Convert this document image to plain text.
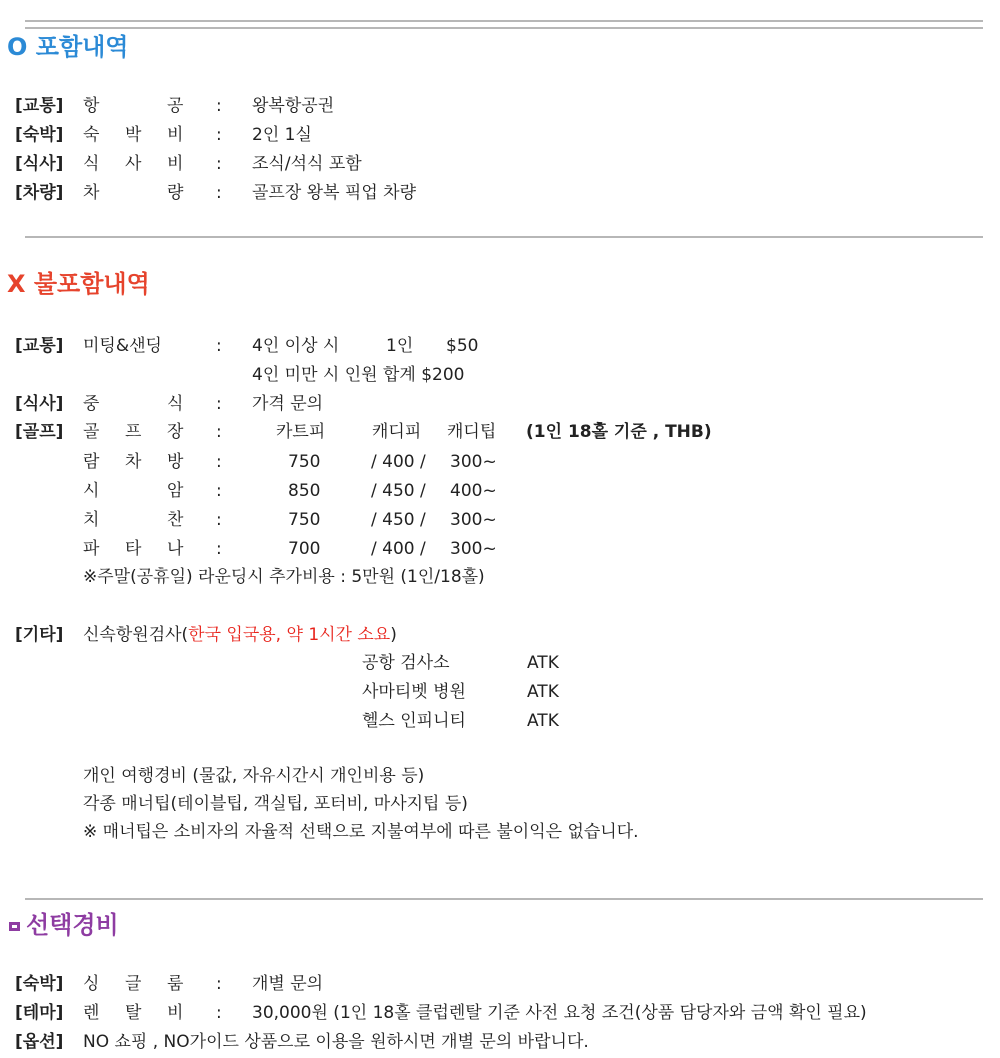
O 포함내역
[교통] 항	공 : 왕복항공권
[숙박] 숙 박 비 : 2인 1실
[식사] 식 사 비 : 조식/석식 포함
[차량] 차	량 : 골프장 왕복 픽업 차량
X 불포함내역
[교통] 미팅&샌딩	: 4인 이상 시	1인 $50
4인 미만 시 인원 합계 $200
[식사] 중	식 : 가격 문의
[골프] 골 프 장 :	카트피	캐디피 캐디팁 (1인 18홀 기준 , THB)
람 차 방 :	750	/ 400 / 300~
시	암 :	850	/ 450 / 400~
치	찬 :	750	/ 450 / 300~
파 타 나 :	700	/ 400 / 300~
※주말(공휴일) 라운딩시 추가비용 : 5만원 (1인/18홀)
[기타] 신속항원검사(한국 입국용, 약 1시간 소요)
공항 검사소	ATK
사마티벳 병원	ATK
헬스 인피니티	ATK
개인 여행경비 (물값, 자유시간시 개인비용 등)
각종 매너팁(테이블팁, 객실팁, 포터비, 마사지팁 등)
※ 매너팁은 소비자의 자율적 선택으로 지불여부에 따른 불이익은 없습니다.
선택경비
[숙박] 싱 글 룸 : 개별 문의
[테마] 렌 탈 비 : 30,000원 (1인 18홀 클럽렌탈 기준 사전 요청 조건(상품 담당자와 금액 확인 필요)
[옵션] NO 쇼핑 , NO가이드 상품으로 이용을 원하시면 개별 문의 바랍니다.
